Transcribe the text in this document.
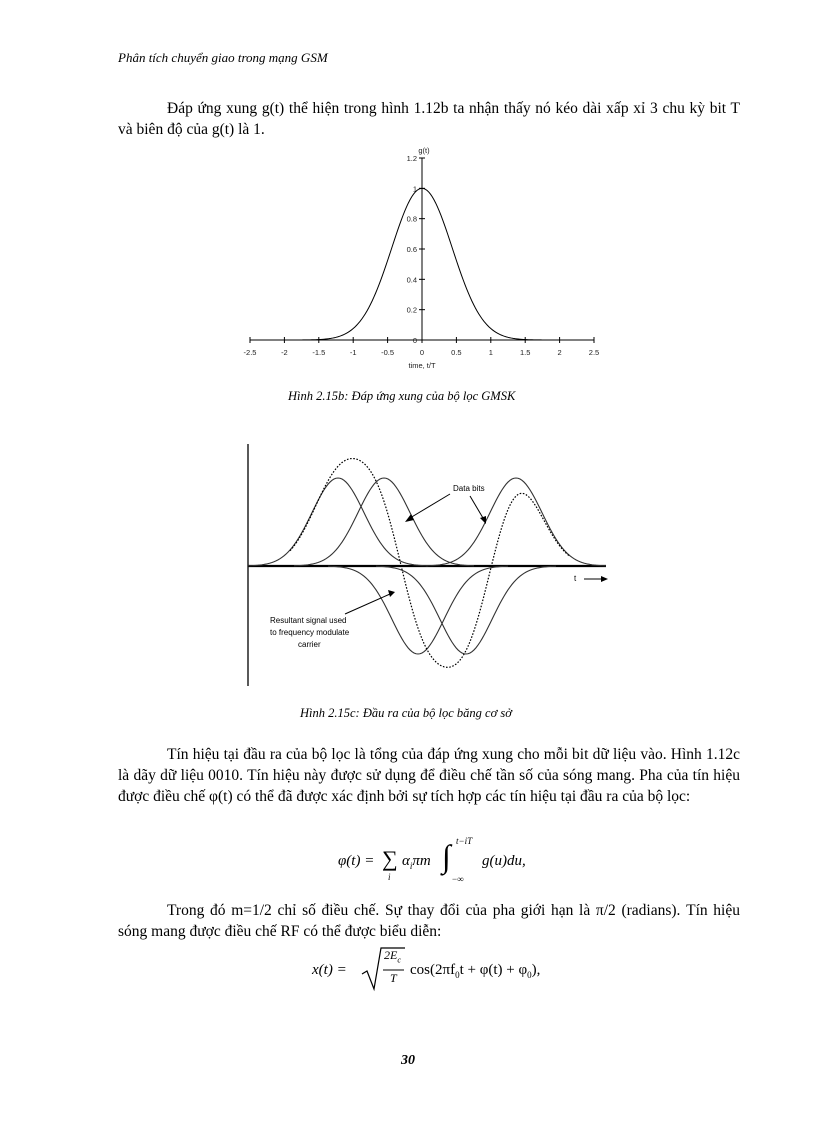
Phân tích chuyển giao trong mạng GSM

Đáp ứng xung g(t) thể hiện trong hình 1.12b ta nhận thấy nó kéo dài xấp xỉ 3 chu kỳ bit T và biên độ của g(t) là 1.

-2.5	-2	-1.5	-1	-0.5	0	0.5	1	1.5	2	2.5
0
0.2
0.4
0.6
0.8
1
1.2
time, t/T
g(t)
Hình 2.15b: Đáp ứng xung của bộ lọc GMSK
Data bits
t
Resultant signal used
to frequency modulate
carrier
Hình 2.15c: Đầu ra của bộ lọc băng cơ sở

Tín hiệu tại đầu ra của bộ lọc là tổng của đáp ứng xung cho mỗi bit dữ liệu vào. Hình 1.12c là dãy dữ liệu 0010. Tín hiệu này được sử dụng để điều chế tần số của sóng mang. Pha của tín hiệu được điều chế φ(t) có thể đã được xác định bởi sự tích hợp các tín hiệu tại đầu ra của bộ lọc:

φ(t) = ∑
i
$\alpha_i\pi m$ ∫ t−iT
−∞
g(u)du,

Trong đó m=1/2 chỉ số điều chế. Sự thay đổi của pha giới hạn là π/2 (radians). Tín hiệu sóng mang được điều chế RF có thể được biểu diễn:

x(t) =
$2E_c$
T $\cos(2\pi f_0t + \varphi(t) + \varphi_0)$,
30
